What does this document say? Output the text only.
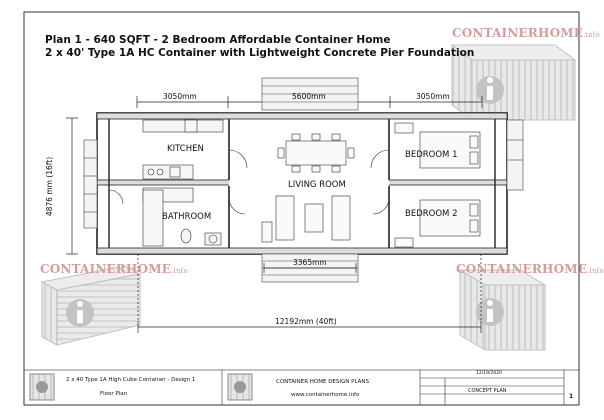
Plan 1 - 640 SQFT - 2 Bedroom Affordable Container Home
2 x 40' Type 1A HC Container with Lightweight Concrete Pier Foundation
CONTAINERHOME.info
CONTAINERHOME.info	CONTAINERHOME.info
3050mm	5600mm	3050mm
4876 mm (16ft)
3365mm
12192mm (40ft)
KITCHEN
BATHROOM
LIVING ROOM
BEDROOM 1
BEDROOM 2
2 x 40 Type 1A High Cube Container - Design 1
Floor Plan
CONTAINER HOME DESIGN PLANS
www.containerhome.info
12/19/2020
CONCEPT PLAN
1
